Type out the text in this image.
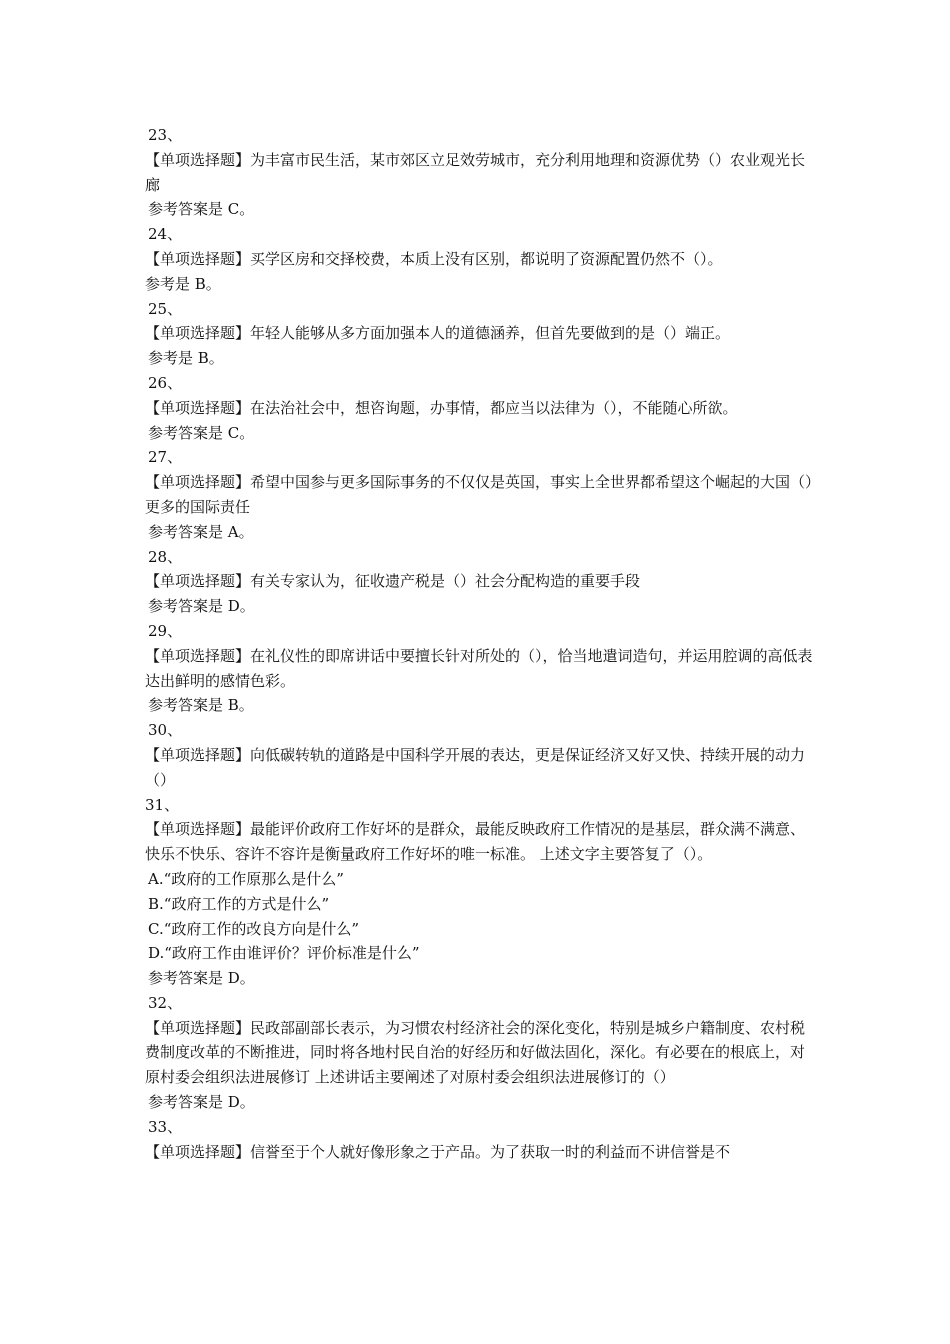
23、
【单项选择题】为丰富市民生活，某市郊区立足效劳城市，充分利用地理和资源优势（）农业观光长廊
参考答案是 C。
24、
【单项选择题】买学区房和交择校费，本质上没有区别，都说明了资源配置仍然不（）。
参考是 B。
25、
【单项选择题】年轻人能够从多方面加强本人的道德涵养，但首先要做到的是（）端正。
参考是 B。
26、
【单项选择题】在法治社会中，想咨询题，办事情，都应当以法律为（），不能随心所欲。
参考答案是 C。
27、
【单项选择题】希望中国参与更多国际事务的不仅仅是英国，事实上全世界都希望这个崛起的大国（）更多的国际责任
参考答案是 A。
28、
【单项选择题】有关专家认为，征收遗产税是（）社会分配构造的重要手段
参考答案是 D。
29、
【单项选择题】在礼仪性的即席讲话中要擅长针对所处的（），恰当地遣词造句，并运用腔调的高低表达出鲜明的感情色彩。
参考答案是 B。
30、
【单项选择题】向低碳转轨的道路是中国科学开展的表达，更是保证经济又好又快、持续开展的动力（）
31、
【单项选择题】最能评价政府工作好坏的是群众，最能反映政府工作情况的是基层，群众满不满意、快乐不快乐、容许不容许是衡量政府工作好坏的唯一标准。 上述文字主要答复了（）。
A.“政府的工作原那么是什么”
B.“政府工作的方式是什么”
C.“政府工作的改良方向是什么”
D.“政府工作由谁评价？评价标准是什么”
参考答案是 D。
32、
【单项选择题】民政部副部长表示，为习惯农村经济社会的深化变化，特别是城乡户籍制度、农村税费制度改革的不断推进，同时将各地村民自治的好经历和好做法固化，深化。有必要在的根底上，对原村委会组织法进展修订 上述讲话主要阐述了对原村委会组织法进展修订的（）
参考答案是 D。
33、
【单项选择题】信誉至于个人就好像形象之于产品。为了获取一时的利益而不讲信誉是不
